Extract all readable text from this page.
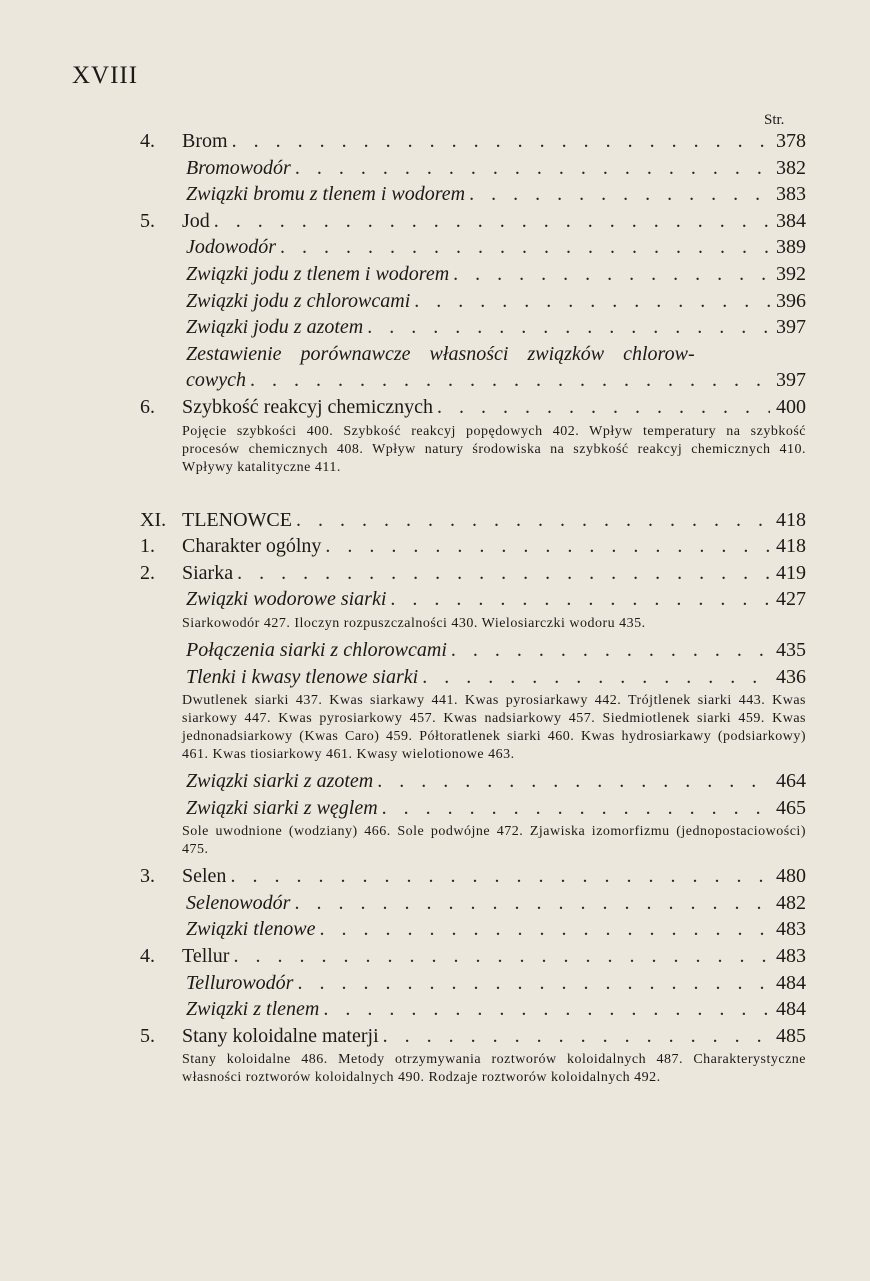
XVIII
Str.
4.	Brom . . .	378
Bromowodór . . .	382
Związki bromu z tlenem i wodorem . . .	383
5.	Jod . . .	384
Jodowodór . . .	389
Związki jodu z tlenem i wodorem . . .	392
Związki jodu z chlorowcami . . .	396
Związki jodu z azotem . . .	397
Zestawienie porównawcze własności związków chlorow-
cowych . . .	397
6.	Szybkość reakcyj chemicznych . . .	400
Pojęcie szybkości 400. Szybkość reakcyj popędowych 402. Wpływ temperatury na szybkość procesów chemicznych 408. Wpływ natury środowiska na szybkość reakcyj chemicznych 410. Wpływy katalityczne 411.
XI. TLENOWCE . . .	418
1.	Charakter ogólny . . .	418
2.	Siarka . . .	419
Związki wodorowe siarki . . .	427
Siarkowodór 427. Iloczyn rozpuszczalności 430. Wielosiarczki wodoru 435.
Połączenia siarki z chlorowcami . . .	435
Tlenki i kwasy tlenowe siarki . . .	436
Dwutlenek siarki 437. Kwas siarkawy 441. Kwas pyrosiarkawy 442. Trójtlenek siarki 443. Kwas siarkowy 447. Kwas pyrosiarkowy 457. Kwas nadsiarkowy 457. Siedmiotlenek siarki 459. Kwas jednonadsiarkowy (Kwas Caro) 459. Półtoratlenek siarki 460. Kwas hydrosiarkawy (podsiarkowy) 461. Kwas tiosiarkowy 461. Kwasy wielotionowe 463.
Związki siarki z azotem . . .	464
Związki siarki z węglem . . .	465
Sole uwodnione (wodziany) 466. Sole podwójne 472. Zjawiska izomorfizmu (jednopostaciowości) 475.
3.	Selen . . .	480
Selenowodór . . .	482
Związki tlenowe . . .	483
4.	Tellur . . .	483
Tellurowodór . . .	484
Związki z tlenem . . .	484
5.	Stany koloidalne materji . . .	485
Stany koloidalne 486. Metody otrzymywania roztworów koloidalnych 487. Charakterystyczne własności roztworów koloidalnych 490. Rodzaje roztworów koloidalnych 492.
